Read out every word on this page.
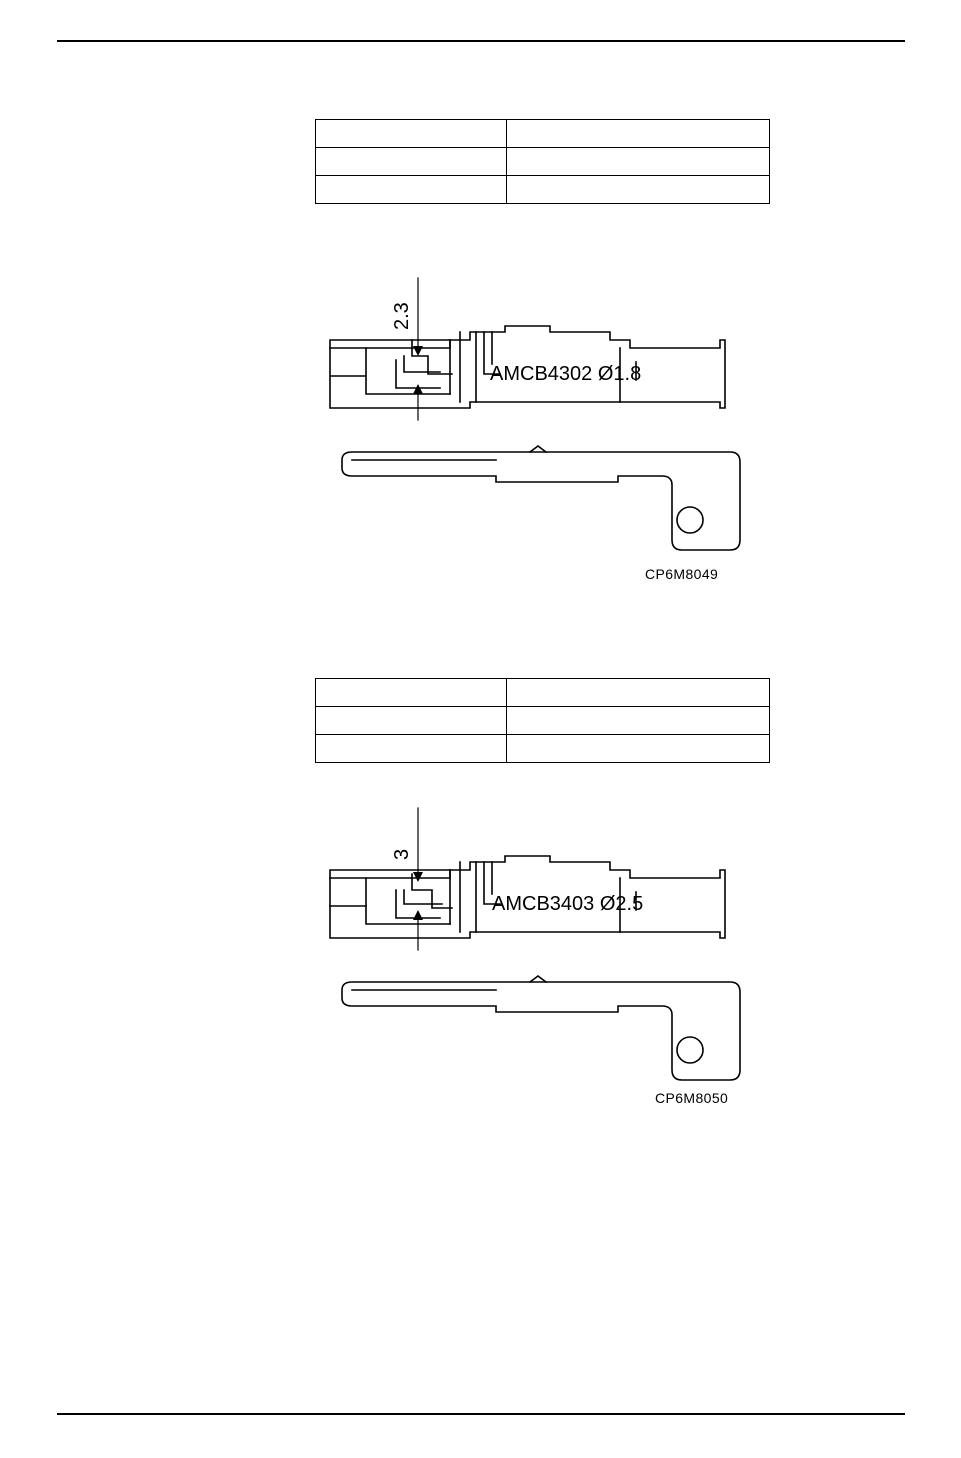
2.3
AMCB4302 Ø1.8
CP6M8049

3
AMCB3403 Ø2.5
CP6M8050
